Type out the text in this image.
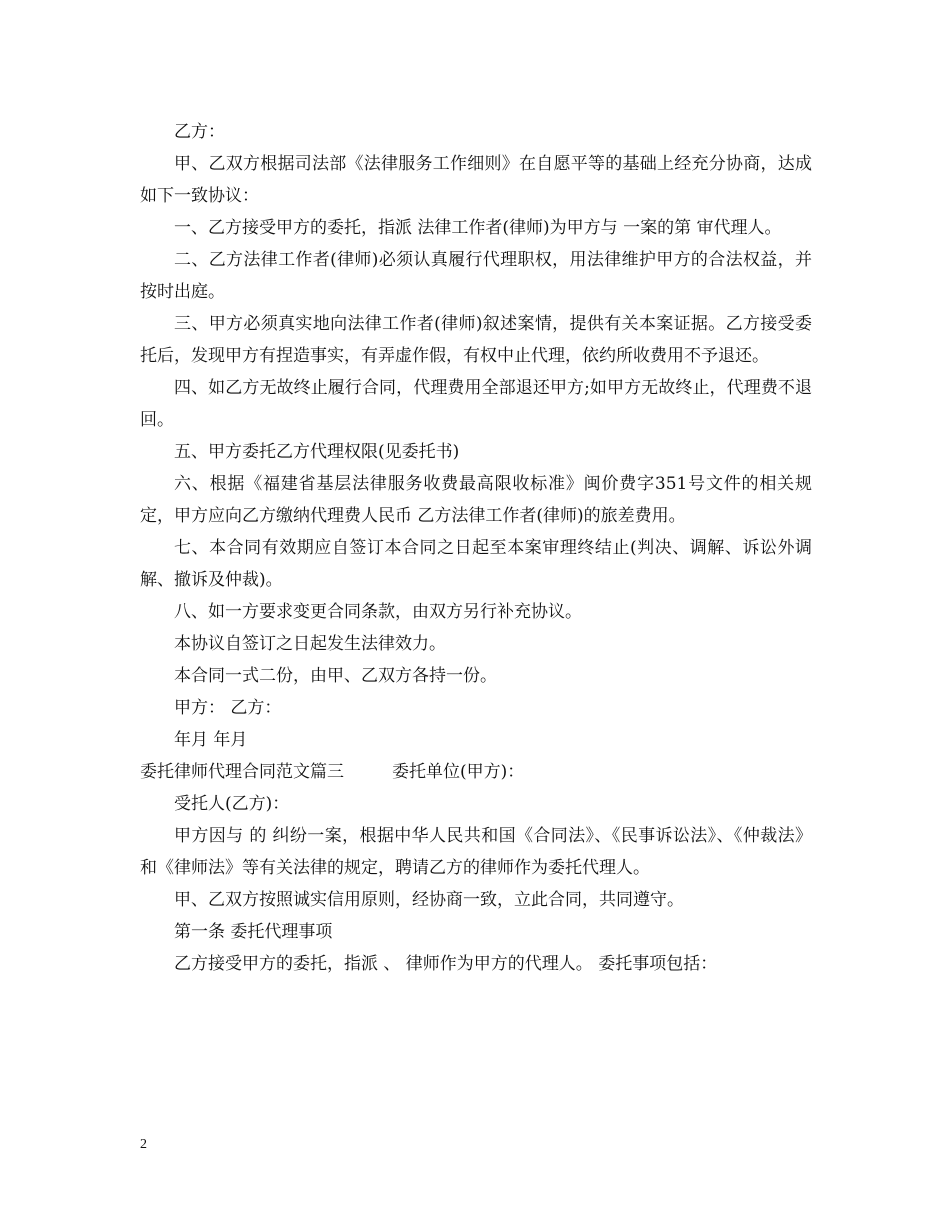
乙方：

甲、乙双方根据司法部《法律服务工作细则》在自愿平等的基础上经充分协商，达成如下一致协议：

一、乙方接受甲方的委托，指派 法律工作者(律师)为甲方与 一案的第 审代理人。

二、乙方法律工作者(律师)必须认真履行代理职权，用法律维护甲方的合法权益，并按时出庭。

三、甲方必须真实地向法律工作者(律师)叙述案情，提供有关本案证据。乙方接受委托后，发现甲方有捏造事实，有弄虚作假，有权中止代理，依约所收费用不予退还。

四、如乙方无故终止履行合同，代理费用全部退还甲方;如甲方无故终止，代理费不退回。

五、甲方委托乙方代理权限(见委托书)

六、根据《福建省基层法律服务收费最高限收标准》闽价费字351号文件的相关规定，甲方应向乙方缴纳代理费人民币 乙方法律工作者(律师)的旅差费用。

七、本合同有效期应自签订本合同之日起至本案审理终结止(判决、调解、诉讼外调解、撤诉及仲裁)。

八、如一方要求变更合同条款，由双方另行补充协议。

本协议自签订之日起发生法律效力。

本合同一式二份，由甲、乙双方各持一份。

甲方： 乙方：

年月 年月

委托律师代理合同范文篇三	委托单位(甲方)：

受托人(乙方)：

甲方因与 的 纠纷一案，根据中华人民共和国《合同法》、《民事诉讼法》、《仲裁法》和《律师法》等有关法律的规定，聘请乙方的律师作为委托代理人。

甲、乙双方按照诚实信用原则，经协商一致，立此合同，共同遵守。

第一条 委托代理事项

乙方接受甲方的委托，指派 、 律师作为甲方的代理人。 委托事项包括：

2
